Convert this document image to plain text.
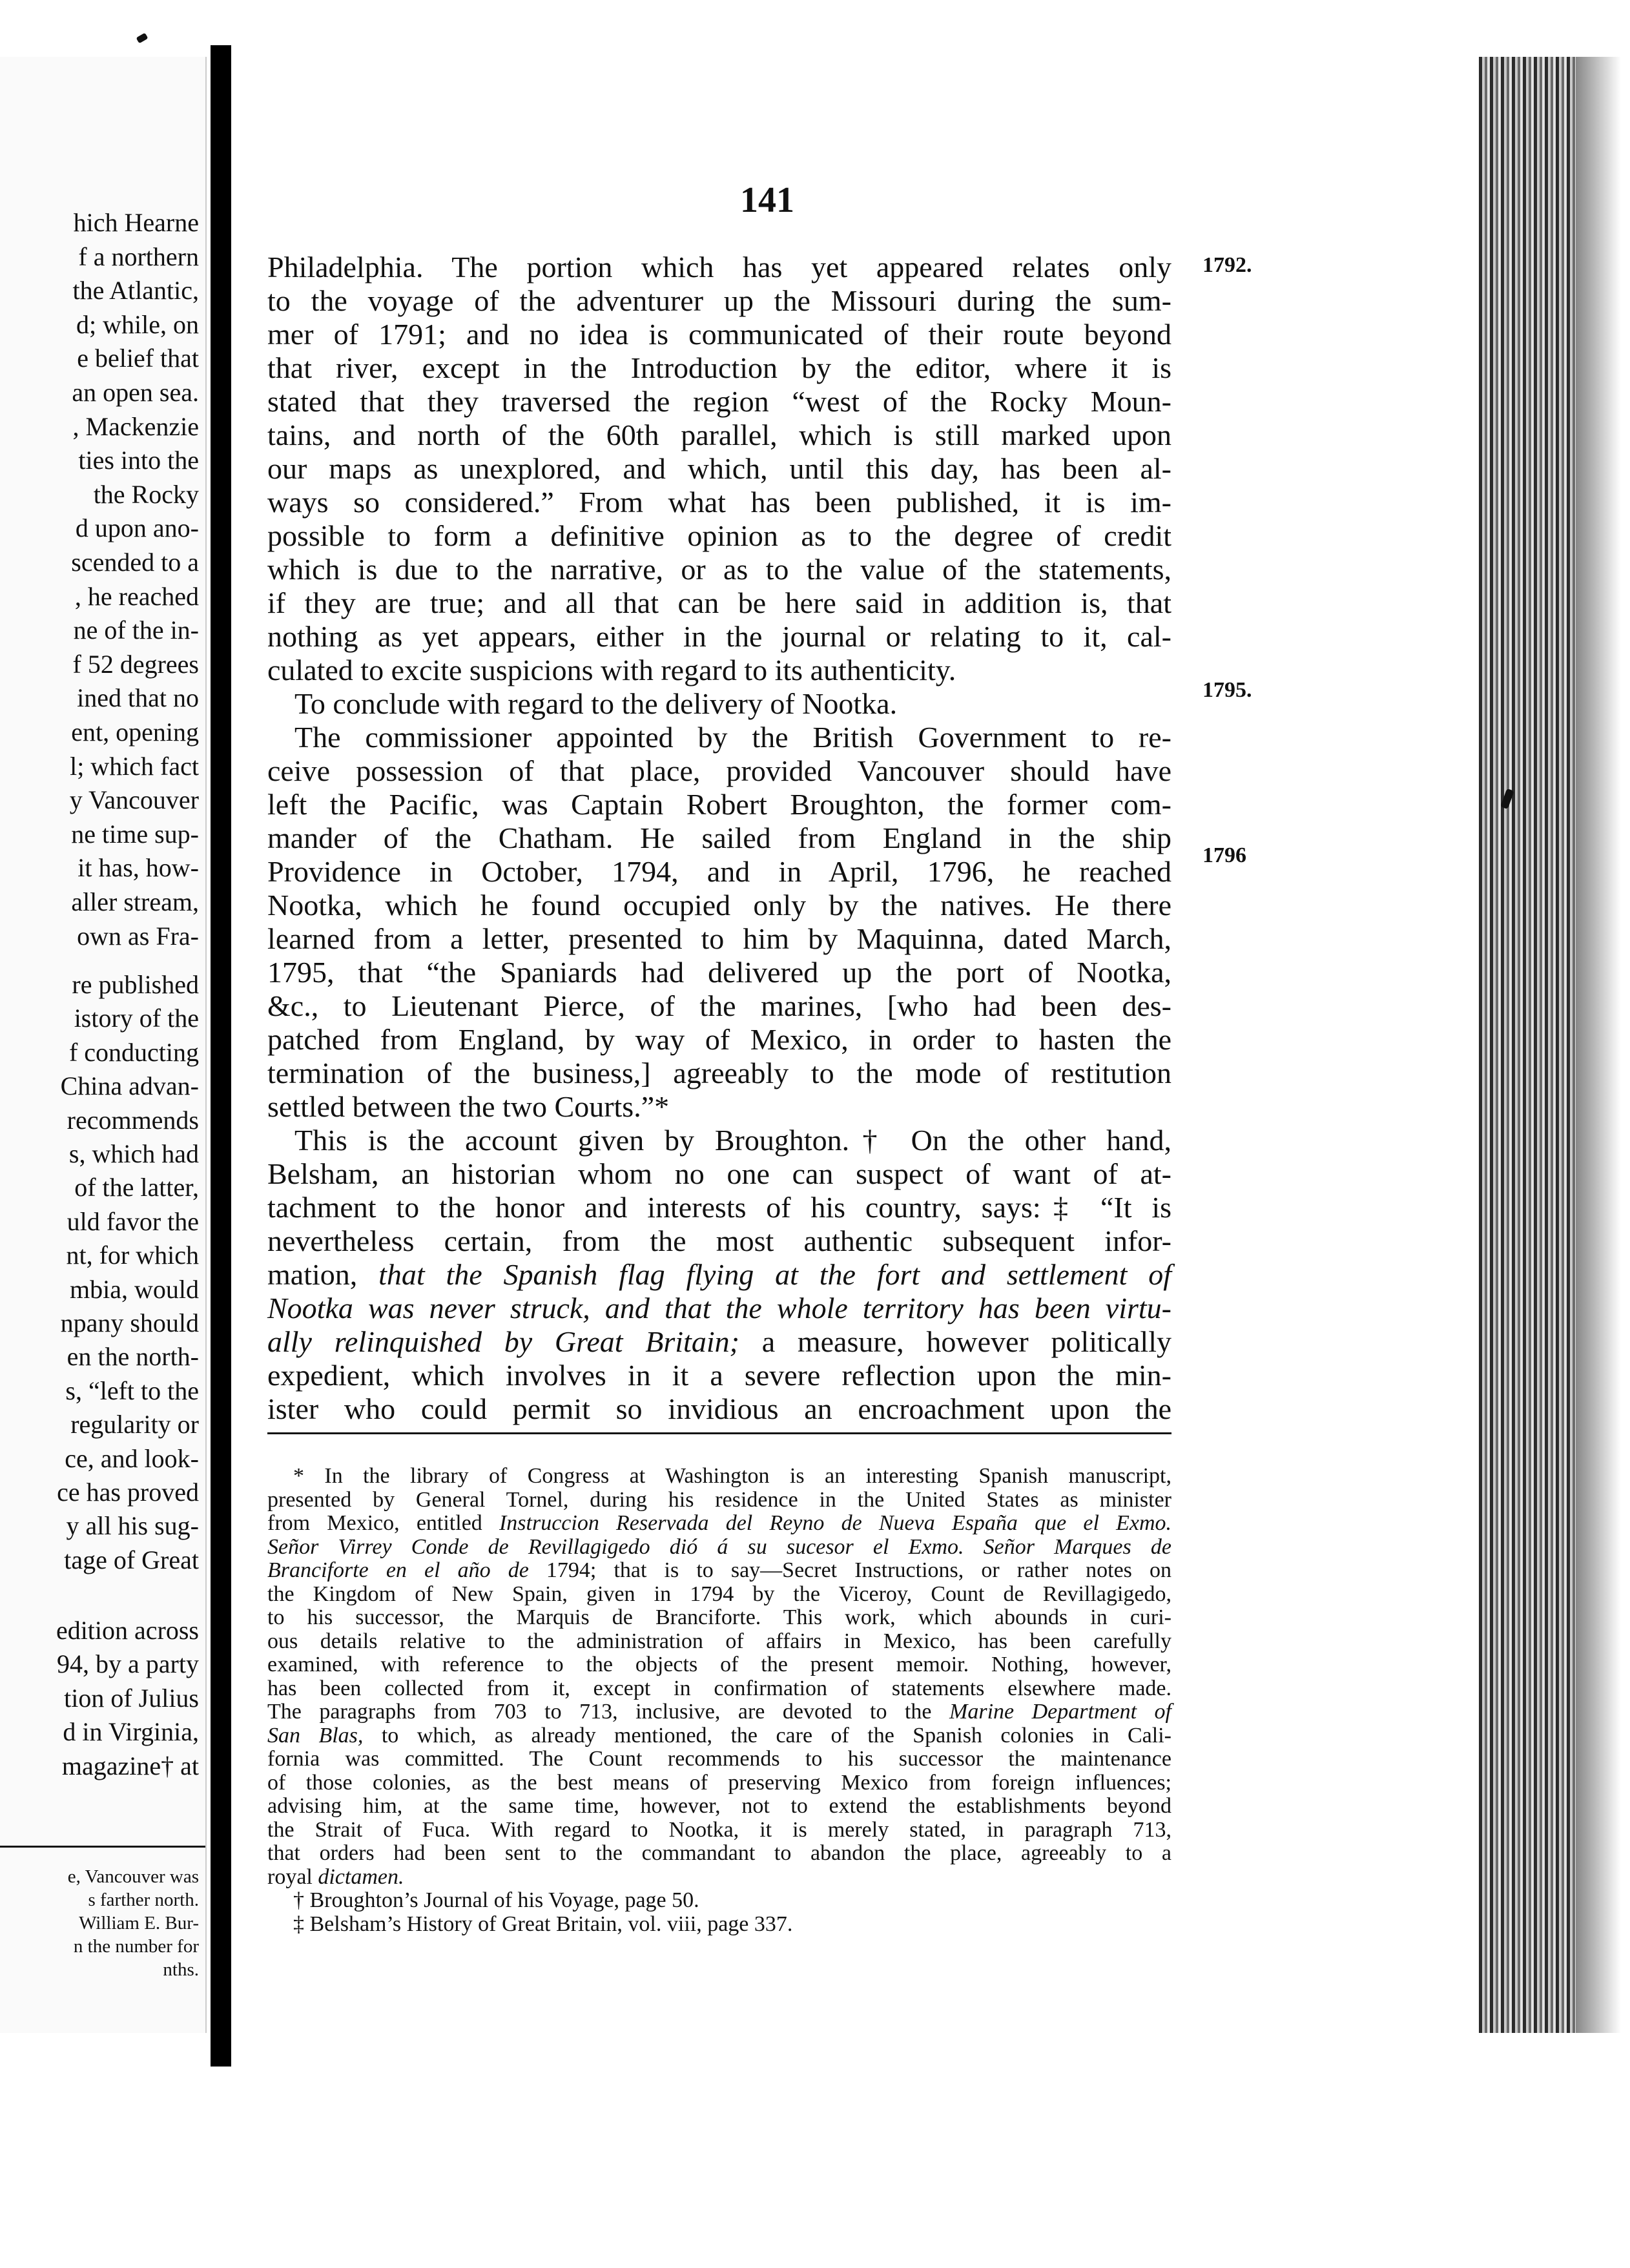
hich Hearne
f a northern
the Atlantic,
d; while, on
e belief that
an open sea.
, Mackenzie
ties into the
the Rocky
d upon ano-
scended to a
, he reached
ne of the in-
f 52 degrees
ined that no
ent, opening
l; which fact
y Vancouver
ne time sup-
it has, how-
aller stream,
own as Fra-
re published
istory of the
f conducting
China advan-
recommends
s, which had
of the latter,
uld favor the
nt, for which
mbia, would
npany should
en the north-
s, “left to the
regularity or
ce, and look-
ce has proved
y all his sug-
tage of Great
edition across
94, by a party
tion of Julius
d in Virginia,
magazine† at
e, Vancouver was
s farther north.
William E. Bur-
n the number for
nths.
141
1792.
1795.
1796
Philadelphia. The portion which has yet appeared relates only
to the voyage of the adventurer up the Missouri during the sum-
mer of 1791; and no idea is communicated of their route beyond
that river, except in the Introduction by the editor, where it is
stated that they traversed the region “west of the Rocky Moun-
tains, and north of the 60th parallel, which is still marked upon
our maps as unexplored, and which, until this day, has been al-
ways so considered.” From what has been published, it is im-
possible to form a definitive opinion as to the degree of credit
which is due to the narrative, or as to the value of the statements,
if they are true; and all that can be here said in addition is, that
nothing as yet appears, either in the journal or relating to it, cal-
culated to excite suspicions with regard to its authenticity.
To conclude with regard to the delivery of Nootka.
The commissioner appointed by the British Government to re-
ceive possession of that place, provided Vancouver should have
left the Pacific, was Captain Robert Broughton, the former com-
mander of the Chatham. He sailed from England in the ship
Providence in October, 1794, and in April, 1796, he reached
Nootka, which he found occupied only by the natives. He there
learned from a letter, presented to him by Maquinna, dated March,
1795, that “the Spaniards had delivered up the port of Nootka,
&c., to Lieutenant Pierce, of the marines, [who had been des-
patched from England, by way of Mexico, in order to hasten the
termination of the business,] agreeably to the mode of restitution
settled between the two Courts.”*
This is the account given by Broughton.† On the other hand,
Belsham, an historian whom no one can suspect of want of at-
tachment to the honor and interests of his country, says:‡ “It is
nevertheless certain, from the most authentic subsequent infor-
mation, that the Spanish flag flying at the fort and settlement of
Nootka was never struck, and that the whole territory has been virtu-
ally relinquished by Great Britain; a measure, however politically
expedient, which involves in it a severe reflection upon the min-
ister who could permit so invidious an encroachment upon the
* In the library of Congress at Washington is an interesting Spanish manuscript,
presented by General Tornel, during his residence in the United States as minister
from Mexico, entitled Instruccion Reservada del Reyno de Nueva España que el Exmo.
Señor Virrey Conde de Revillagigedo dió á su sucesor el Exmo. Señor Marques de
Branciforte en el año de 1794; that is to say—Secret Instructions, or rather notes on
the Kingdom of New Spain, given in 1794 by the Viceroy, Count de Revillagigedo,
to his successor, the Marquis de Branciforte. This work, which abounds in curi-
ous details relative to the administration of affairs in Mexico, has been carefully
examined, with reference to the objects of the present memoir. Nothing, however,
has been collected from it, except in confirmation of statements elsewhere made.
The paragraphs from 703 to 713, inclusive, are devoted to the Marine Department of
San Blas, to which, as already mentioned, the care of the Spanish colonies in Cali-
fornia was committed. The Count recommends to his successor the maintenance
of those colonies, as the best means of preserving Mexico from foreign influences;
advising him, at the same time, however, not to extend the establishments beyond
the Strait of Fuca. With regard to Nootka, it is merely stated, in paragraph 713,
that orders had been sent to the commandant to abandon the place, agreeably to a
royal dictamen.
† Broughton’s Journal of his Voyage, page 50.
‡ Belsham’s History of Great Britain, vol. viii, page 337.
